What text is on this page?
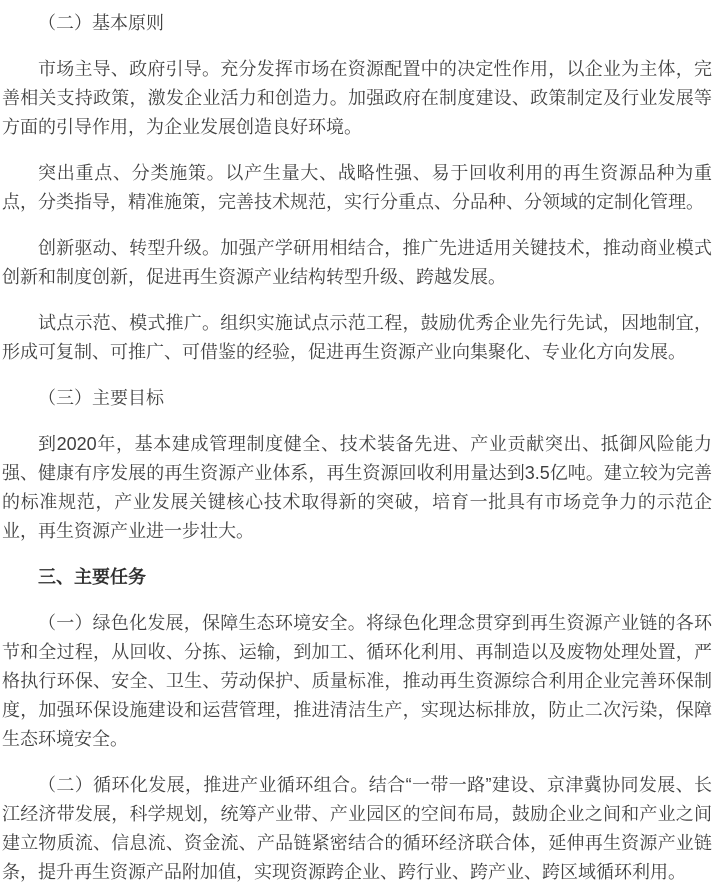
（二）基本原则

市场主导、政府引导。充分发挥市场在资源配置中的决定性作用，以企业为主体，完善相关支持政策，激发企业活力和创造力。加强政府在制度建设、政策制定及行业发展等方面的引导作用，为企业发展创造良好环境。

突出重点、分类施策。以产生量大、战略性强、易于回收利用的再生资源品种为重点，分类指导，精准施策，完善技术规范，实行分重点、分品种、分领域的定制化管理。

创新驱动、转型升级。加强产学研用相结合，推广先进适用关键技术，推动商业模式创新和制度创新，促进再生资源产业结构转型升级、跨越发展。

试点示范、模式推广。组织实施试点示范工程，鼓励优秀企业先行先试，因地制宜，形成可复制、可推广、可借鉴的经验，促进再生资源产业向集聚化、专业化方向发展。

（三）主要目标

到2020年，基本建成管理制度健全、技术装备先进、产业贡献突出、抵御风险能力强、健康有序发展的再生资源产业体系，再生资源回收利用量达到3.5亿吨。建立较为完善的标准规范，产业发展关键核心技术取得新的突破，培育一批具有市场竞争力的示范企业，再生资源产业进一步壮大。

三、主要任务

（一）绿色化发展，保障生态环境安全。将绿色化理念贯穿到再生资源产业链的各环节和全过程，从回收、分拣、运输，到加工、循环化利用、再制造以及废物处理处置，严格执行环保、安全、卫生、劳动保护、质量标准，推动再生资源综合利用企业完善环保制度，加强环保设施建设和运营管理，推进清洁生产，实现达标排放，防止二次污染，保障生态环境安全。

（二）循环化发展，推进产业循环组合。结合“一带一路”建设、京津冀协同发展、长江经济带发展，科学规划，统筹产业带、产业园区的空间布局，鼓励企业之间和产业之间建立物质流、信息流、资金流、产品链紧密结合的循环经济联合体，延伸再生资源产业链条，提升再生资源产品附加值，实现资源跨企业、跨行业、跨产业、跨区域循环利用。
